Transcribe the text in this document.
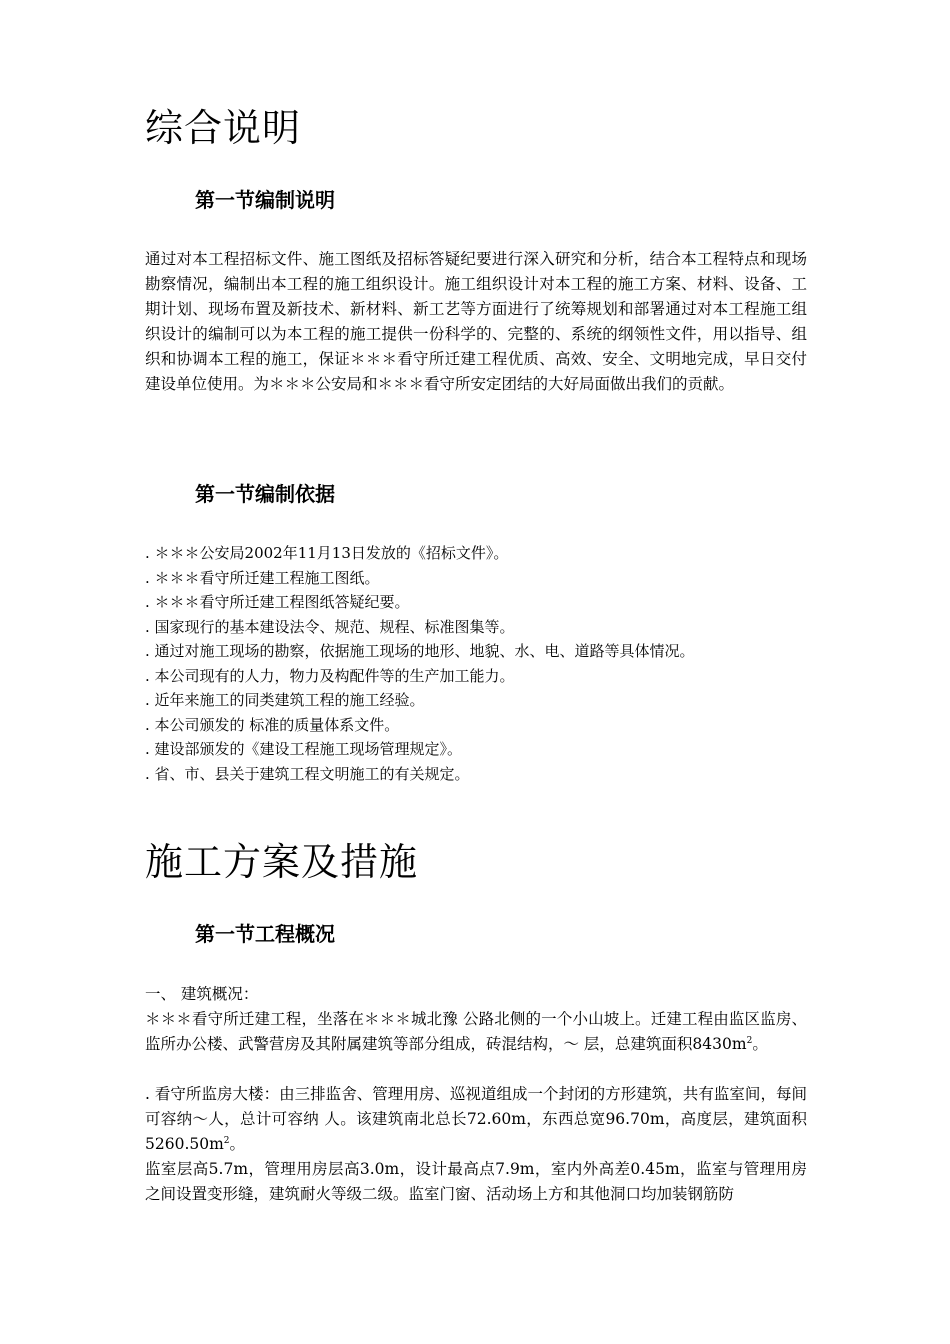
综合说明
第一节编制说明

通过对本工程招标文件、施工图纸及招标答疑纪要进行深入研究和分析，结合本工程特点和现场勘察情况，编制出本工程的施工组织设计。施工组织设计对本工程的施工方案、材料、设备、工期计划、现场布置及新技术、新材料、新工艺等方面进行了统筹规划和部署通过对本工程施工组织设计的编制可以为本工程的施工提供一份科学的、完整的、系统的纲领性文件，用以指导、组织和协调本工程的施工，保证＊＊＊看守所迁建工程优质、高效、安全、文明地完成，早日交付建设单位使用。为＊＊＊公安局和＊＊＊看守所安定团结的大好局面做出我们的贡献。

第一节编制依据
. ＊＊＊公安局2002年11月13日发放的《招标文件》。
. ＊＊＊看守所迁建工程施工图纸。
. ＊＊＊看守所迁建工程图纸答疑纪要。
. 国家现行的基本建设法令、规范、规程、标准图集等。
. 通过对施工现场的勘察，依据施工现场的地形、地貌、水、电、道路等具体情况。
. 本公司现有的人力，物力及构配件等的生产加工能力。
. 近年来施工的同类建筑工程的施工经验。
. 本公司颁发的 标准的质量体系文件。
. 建设部颁发的《建设工程施工现场管理规定》。
. 省、市、县关于建筑工程文明施工的有关规定。
施工方案及措施
第一节工程概况

一、 建筑概况：

＊＊＊看守所迁建工程，坐落在＊＊＊城北豫 公路北侧的一个小山坡上。迁建工程由监区监房、监所办公楼、武警营房及其附属建筑等部分组成，砖混结构，～ 层，总建筑面积$8430m^2$。

. 看守所监房大楼：由三排监舍、管理用房、巡视道组成一个封闭的方形建筑，共有监室间，每间可容纳～人，总计可容纳 人。该建筑南北总长72.60m，东西总宽96.70m，高度层，建筑面积$5260.50m^2$。

监室层高5.7m，管理用房层高3.0m，设计最高点7.9m，室内外高差0.45m，监室与管理用房之间设置变形缝，建筑耐火等级二级。监室门窗、活动场上方和其他洞口均加装钢筋防
